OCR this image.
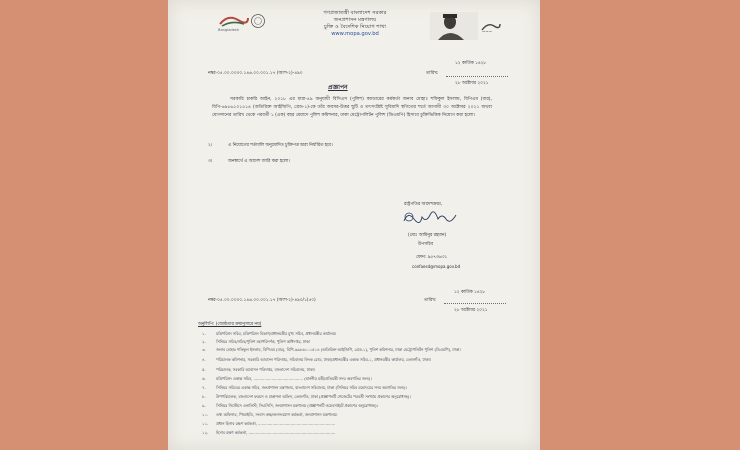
Bangladesh
গণপ্রজাতন্ত্রী বাংলাদেশ সরকার
জনপ্রশাসন মন্ত্রণালয়
চুক্তি ও বৈদেশিক নিয়োগ শাখা
www.mopa.gov.bd	~~~
নম্বর-০৫.০০.০০০০.১৪৬.০০.০০১.১৭ (অংশ-২)-৪৯০
১২ কার্তিক ১৪২৮
তারিখ:
২৮ অক্টোবর ২০২১
প্রজ্ঞাপন
সরকারি চাকরি আইন, ২০১৮ এর ধারা-৪৯ অনুযায়ী বিসিএস (পুলিশ) ক্যাডারের কর্মকর্তা জনাব মোহাঃ শফিকুল ইসলাম, বিপিএম (বার), বিপি-৬৯৮৬১০১৫১৪ (অতিরিক্ত আইজিপি, গ্রেড-১)-কে তাঁর অবসর-উত্তর ছুটি ও তৎসংশ্লিষ্ট সুবিধাদি স্থগিতের শর্তে আগামী ৩০ অক্টোবর ২০২১ অথবা যোগদানের তারিখ থেকে পরবর্তী ১ (এক) বছর মেয়াদে পুলিশ কমিশনার, ঢাকা মেট্রোপলিটন পুলিশ (ডিএমপি) হিসাবে চুক্তিভিত্তিক নিয়োগ করা হলো।
২।	এ নিয়োগের শর্তাবলি অনুমোদিত চুক্তিপত্র দ্বারা নির্ধারিত হবে।
৩।	জনস্বার্থে এ আদেশ জারি করা হলো।
রাষ্ট্রপতির আদেশক্রমে,
(মোঃ আমিনুর রহমান)
উপসচিব
ফোন: ৯৫৭৩৬৩১
confaesd@mopa.gov.bd
১২ কার্তিক ১৪২৮
নম্বর-০৫.০০.০০০০.১৪৬.০০.০০১.১৭ (অংশ-২)-৪৯০/১(৫০)	তারিখ:
২৮ অক্টোবর ২০২১
অনুলিপি: (জ্যেষ্ঠতার ক্রমানুসারে নয়)
১.	মন্ত্রিপরিষদ সচিব, মন্ত্রিপরিষদ বিভাগ/প্রধানমন্ত্রীর মুখ্য সচিব, প্রধানমন্ত্রীর কার্যালয়।
২.	সিনিয়র সচিব/সচিব/পুলিশ মহাপরিদর্শক, পুলিশ অধিদপ্তর, ঢাকা
৩.	জনাব মোহাঃ শফিকুল ইসলাম, বিপিএম (বার), বিপি-৬৯৮৬১০১৫১৪ (অতিরিক্ত আইজিপি, গ্রেড-১), পুলিশ কমিশনার, ঢাকা মেট্রোপলিটন পুলিশ (ডিএমপি), ঢাকা।
৪.	পরিচালক কমিশনার, সরকারি আবাসন পরিদপ্তর, সচিবালয় লিংক রোড, ঢাকা/প্রধানমন্ত্রীর একান্ত সচিব-১, প্রধানমন্ত্রীর কার্যালয়, তেজগাঁও, ঢাকা।
৫.	পরিচালক, সরকারি আবাসন পরিদপ্তর, বাংলাদেশ সচিবালয়, ঢাকা।
৬.	মন্ত্রিপরিষদ একান্ত সচিব, ......................................... (মাননীয় মন্ত্রী/প্রতিমন্ত্রী সদয় অবগতির জন্য)।
৭.	সিনিয়র সচিবের একান্ত সচিব, জনপ্রশাসন মন্ত্রণালয়, বাংলাদেশ সচিবালয়, ঢাকা (সিনিয়র সচিব মহোদয়ের সদয় অবগতির জন্য)।
৮.	উপপরিচালক, বাংলাদেশ ফরমস ও প্রকাশনা অফিস, তেজগাঁও, ঢাকা (প্রজ্ঞাপনটি গেজেটের পরবর্তী সংখ্যায় প্রকাশের অনুরোধসহ)।
৯.	সিনিয়র সিস্টেমস এনালিস্ট, সিএসিসি, জনপ্রশাসন মন্ত্রণালয় (প্রজ্ঞাপনটি ওয়েবসাইটে প্রকাশের অনুরোধসহ)।
১০. তথ্য অফিসার, পিআইডি, সংবাদ কক্ষ/জনসংযোগ কর্মকর্তা, জনপ্রশাসন মন্ত্রণালয়।
১১. প্রধান হিসাব রক্ষণ কর্মকর্তা, ................................................................
১২. হিসাব রক্ষণ কর্মকর্তা, ........................................................................
